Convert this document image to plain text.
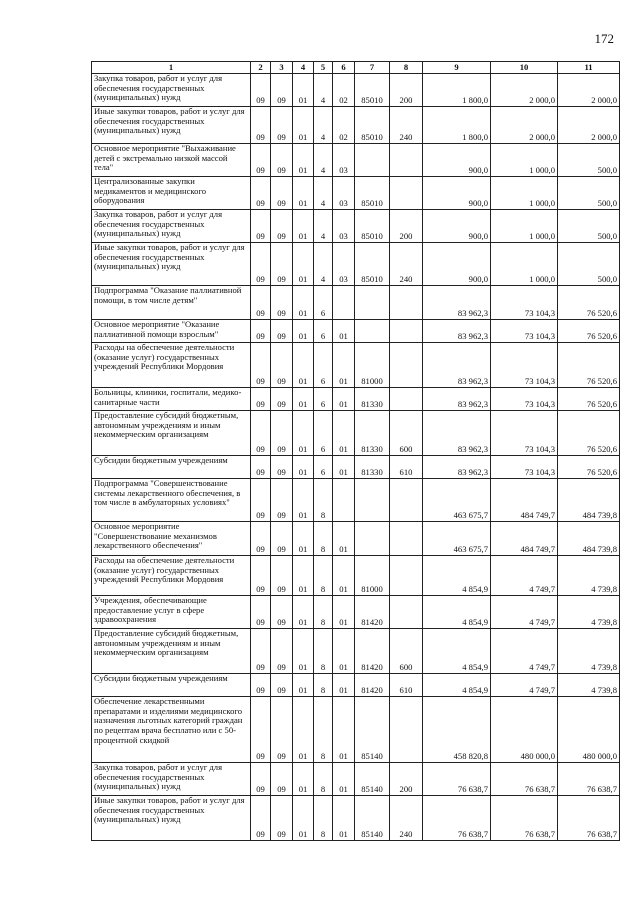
172
1	2	3	4	5	6	7	8	9	10	11
Закупка товаров, работ и услуг для обеспечения государственных (муниципальных) нужд	09	09	01	4	02	85010	200	1 800,0	2 000,0	2 000,0
Иные закупки товаров, работ и услуг для обеспечения государственных (муниципальных) нужд	09	09	01	4	02	85010	240	1 800,0	2 000,0	2 000,0
Основное мероприятие "Выхаживание детей с экстремально низкой массой тела"	09	09	01	4	03			900,0	1 000,0	500,0
Централизованные закупки медикаментов и медицинского оборудования	09	09	01	4	03	85010		900,0	1 000,0	500,0
Закупка товаров, работ и услуг для обеспечения государственных (муниципальных) нужд	09	09	01	4	03	85010	200	900,0	1 000,0	500,0
Иные закупки товаров, работ и услуг для обеспечения государственных (муниципальных) нужд	09	09	01	4	03	85010	240	900,0	1 000,0	500,0
Подпрограмма "Оказание паллиативной помощи, в том числе детям"	09	09	01	6				83 962,3	73 104,3	76 520,6
Основное мероприятие "Оказание паллиативной помощи взрослым"	09	09	01	6	01			83 962,3	73 104,3	76 520,6
Расходы на обеспечение деятельности (оказание услуг) государственных учреждений Республики Мордовия	09	09	01	6	01	81000		83 962,3	73 104,3	76 520,6
Больницы, клиники, госпитали, медико-санитарные части	09	09	01	6	01	81330		83 962,3	73 104,3	76 520,6
Предоставление субсидий бюджетным, автономным учреждениям и иным некоммерческим организациям	09	09	01	6	01	81330	600	83 962,3	73 104,3	76 520,6
Субсидии бюджетным учреждениям	09	09	01	6	01	81330	610	83 962,3	73 104,3	76 520,6
Подпрограмма "Совершенствование системы лекарственного обеспечения, в том числе в амбулаторных условиях"	09	09	01	8				463 675,7	484 749,7	484 739,8
Основное мероприятие "Совершенствование механизмов лекарственного обеспечения"	09	09	01	8	01			463 675,7	484 749,7	484 739,8
Расходы на обеспечение деятельности (оказание услуг) государственных учреждений Республики Мордовия	09	09	01	8	01	81000		4 854,9	4 749,7	4 739,8
Учреждения, обеспечивающие предоставление услуг в сфере здравоохранения	09	09	01	8	01	81420		4 854,9	4 749,7	4 739,8
Предоставление субсидий бюджетным, автономным учреждениям и иным некоммерческим организациям	09	09	01	8	01	81420	600	4 854,9	4 749,7	4 739,8
Субсидии бюджетным учреждениям	09	09	01	8	01	81420	610	4 854,9	4 749,7	4 739,8
Обеспечение лекарственными препаратами и изделиями медицинского назначения льготных категорий граждан по рецептам врача бесплатно или с 50-процентной скидкой	09	09	01	8	01	85140		458 820,8	480 000,0	480 000,0
Закупка товаров, работ и услуг для обеспечения государственных (муниципальных) нужд	09	09	01	8	01	85140	200	76 638,7	76 638,7	76 638,7
Иные закупки товаров, работ и услуг для обеспечения государственных (муниципальных) нужд	09	09	01	8	01	85140	240	76 638,7	76 638,7	76 638,7
